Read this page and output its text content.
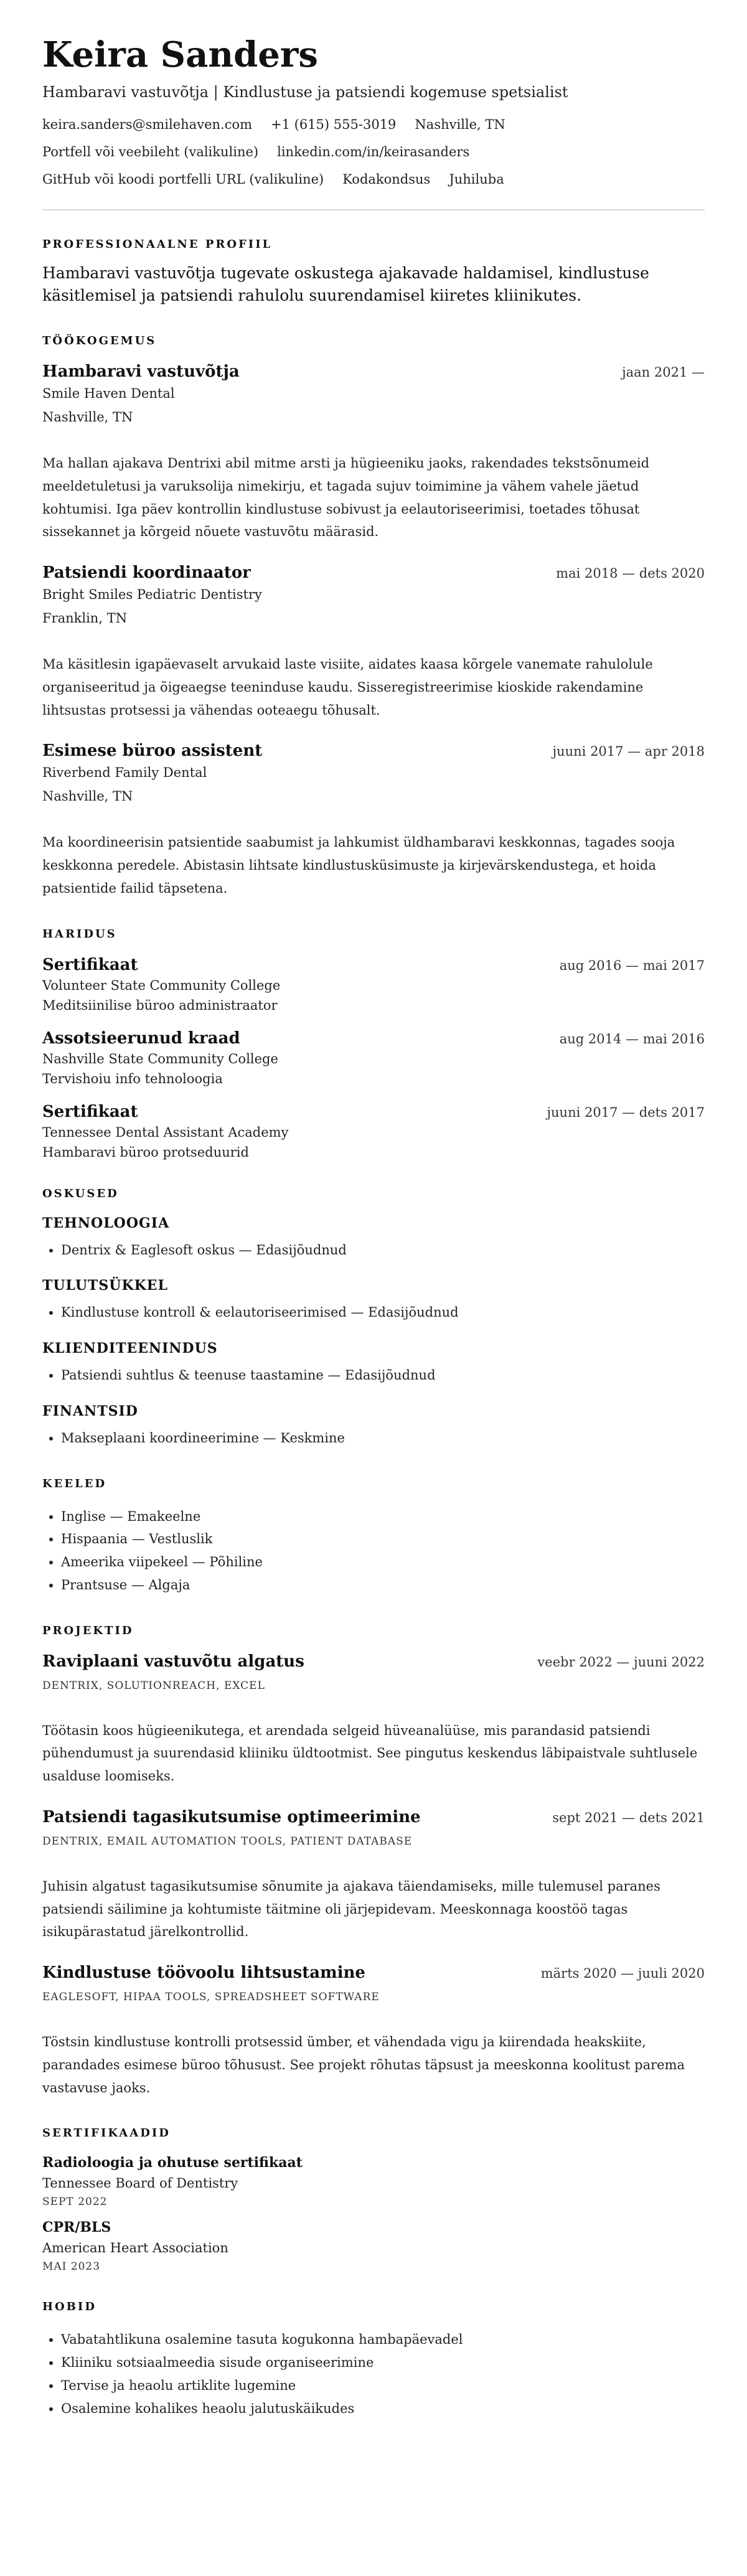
Keira Sanders
Hambaravi vastuvõtja | Kindlustuse ja patsiendi kogemuse spetsialist
keira.sanders@smilehaven.com +1 (615) 555-3019 Nashville, TN
Portfell või veebileht (valikuline) linkedin.com/in/keirasanders
GitHub või koodi portfelli URL (valikuline) Kodakondsus Juhiluba
PROFESSIONAALNE PROFIIL

Hambaravi vastuvõtja tugevate oskustega ajakavade haldamisel, kindlustuse käsitlemisel ja patsiendi rahulolu suurendamisel kiiretes kliinikutes.

TÖÖKOGEMUS
Hambaravi vastuvõtja	jaan 2021 —
Smile Haven Dental
Nashville, TN

Ma hallan ajakava Dentrixi abil mitme arsti ja hügieeniku jaoks, rakendades tekstsõnumeid meeldetuletusi ja varuksolija nimekirju, et tagada sujuv toimimine ja vähem vahele jäetud kohtumisi. Iga päev kontrollin kindlustuse sobivust ja eelautoriseerimisi, toetades tõhusat sissekannet ja kõrgeid nõuete vastuvõtu määrasid.

Patsiendi koordinaator	mai 2018 — dets 2020
Bright Smiles Pediatric Dentistry
Franklin, TN

Ma käsitlesin igapäevaselt arvukaid laste visiite, aidates kaasa kõrgele vanemate rahulolule organiseeritud ja õigeaegse teeninduse kaudu. Sisseregistreerimise kioskide rakendamine lihtsustas protsessi ja vähendas ooteaegu tõhusalt.

Esimese büroo assistent	juuni 2017 — apr 2018
Riverbend Family Dental
Nashville, TN

Ma koordineerisin patsientide saabumist ja lahkumist üldhambaravi keskkonnas, tagades sooja keskkonna peredele. Abistasin lihtsate kindlustusküsimuste ja kirjevärskendustega, et hoida patsientide failid täpsetena.

HARIDUS
Sertifikaat	aug 2016 — mai 2017
Volunteer State Community College
Meditsiinilise büroo administraator
Assotsieerunud kraad	aug 2014 — mai 2016
Nashville State Community College
Tervishoiu info tehnoloogia
Sertifikaat	juuni 2017 — dets 2017
Tennessee Dental Assistant Academy
Hambaravi büroo protseduurid
OSKUSED
TEHNOLOOGIA
• Dentrix & Eaglesoft oskus — Edasijõudnud
TULUTSÜKKEL
• Kindlustuse kontroll & eelautoriseerimised — Edasijõudnud
KLIENDITEENINDUS
• Patsiendi suhtlus & teenuse taastamine — Edasijõudnud
FINANTSID
• Makseplaani koordineerimine — Keskmine
KEELED
• Inglise — Emakeelne
• Hispaania — Vestluslik
• Ameerika viipekeel — Põhiline
• Prantsuse — Algaja
PROJEKTID
Raviplaani vastuvõtu algatus	veebr 2022 — juuni 2022
DENTRIX, SOLUTIONREACH, EXCEL

Töötasin koos hügieenikutega, et arendada selgeid hüveanalüüse, mis parandasid patsiendi pühendumust ja suurendasid kliiniku üldtootmist. See pingutus keskendus läbipaistvale suhtlusele usalduse loomiseks.

Patsiendi tagasikutsumise optimeerimine	sept 2021 — dets 2021
DENTRIX, EMAIL AUTOMATION TOOLS, PATIENT DATABASE

Juhisin algatust tagasikutsumise sõnumite ja ajakava täiendamiseks, mille tulemusel paranes patsiendi säilimine ja kohtumiste täitmine oli järjepidevam. Meeskonnaga koostöö tagas isikupärastatud järelkontrollid.

Kindlustuse töövoolu lihtsustamine	märts 2020 — juuli 2020
EAGLESOFT, HIPAA TOOLS, SPREADSHEET SOFTWARE

Töstsin kindlustuse kontrolli protsessid ümber, et vähendada vigu ja kiirendada heakskiite, parandades esimese büroo tõhusust. See projekt rõhutas täpsust ja meeskonna koolitust parema vastavuse jaoks.

SERTIFIKAADID
Radioloogia ja ohutuse sertifikaat
Tennessee Board of Dentistry
SEPT 2022
CPR/BLS
American Heart Association
MAI 2023
HOBID
• Vabatahtlikuna osalemine tasuta kogukonna hambapäevadel
• Kliiniku sotsiaalmeedia sisude organiseerimine
• Tervise ja heaolu artiklite lugemine
• Osalemine kohalikes heaolu jalutuskäikudes
